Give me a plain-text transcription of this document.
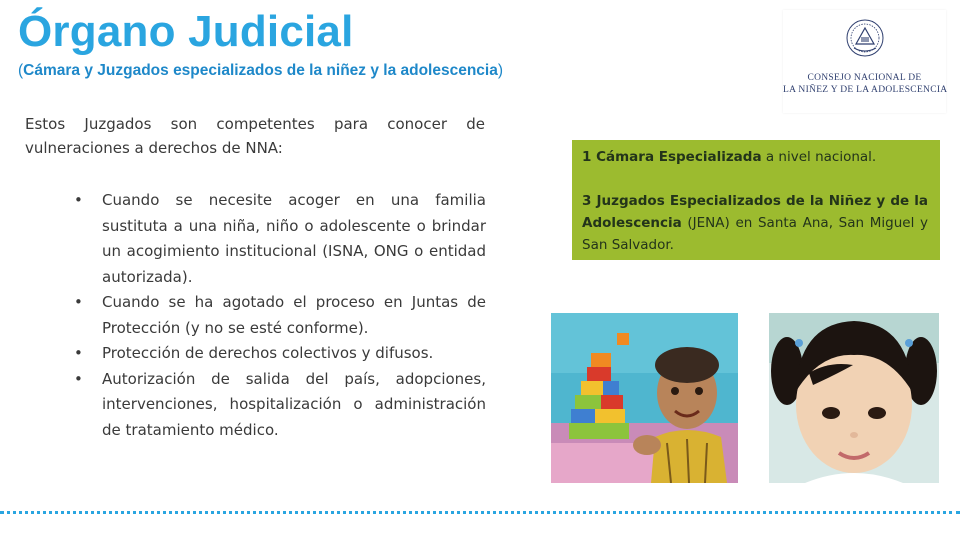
Órgano Judicial
(Cámara y Juzgados especializados de la niñez y la adolescencia)	CONSEJO NACIONAL DE
LA NIÑEZ Y DE LA ADOLESCENCIA
Estos Juzgados son competentes para conocer de vulneraciones a derechos de NNA:
• Cuando se necesite acoger en una familia sustituta a una niña, niño o adolescente o brindar un acogimiento institucional (ISNA, ONG o entidad autorizada).
• Cuando se ha agotado el proceso en Juntas de Protección (y no se esté conforme).
• Protección de derechos colectivos y difusos.
• Autorización de salida del país, adopciones, intervenciones, hospitalización o administración de tratamiento médico.
1 Cámara Especializada a nivel nacional.
3 Juzgados Especializados de la Niñez y de la Adolescencia (JENA) en Santa Ana, San Miguel y San Salvador.
